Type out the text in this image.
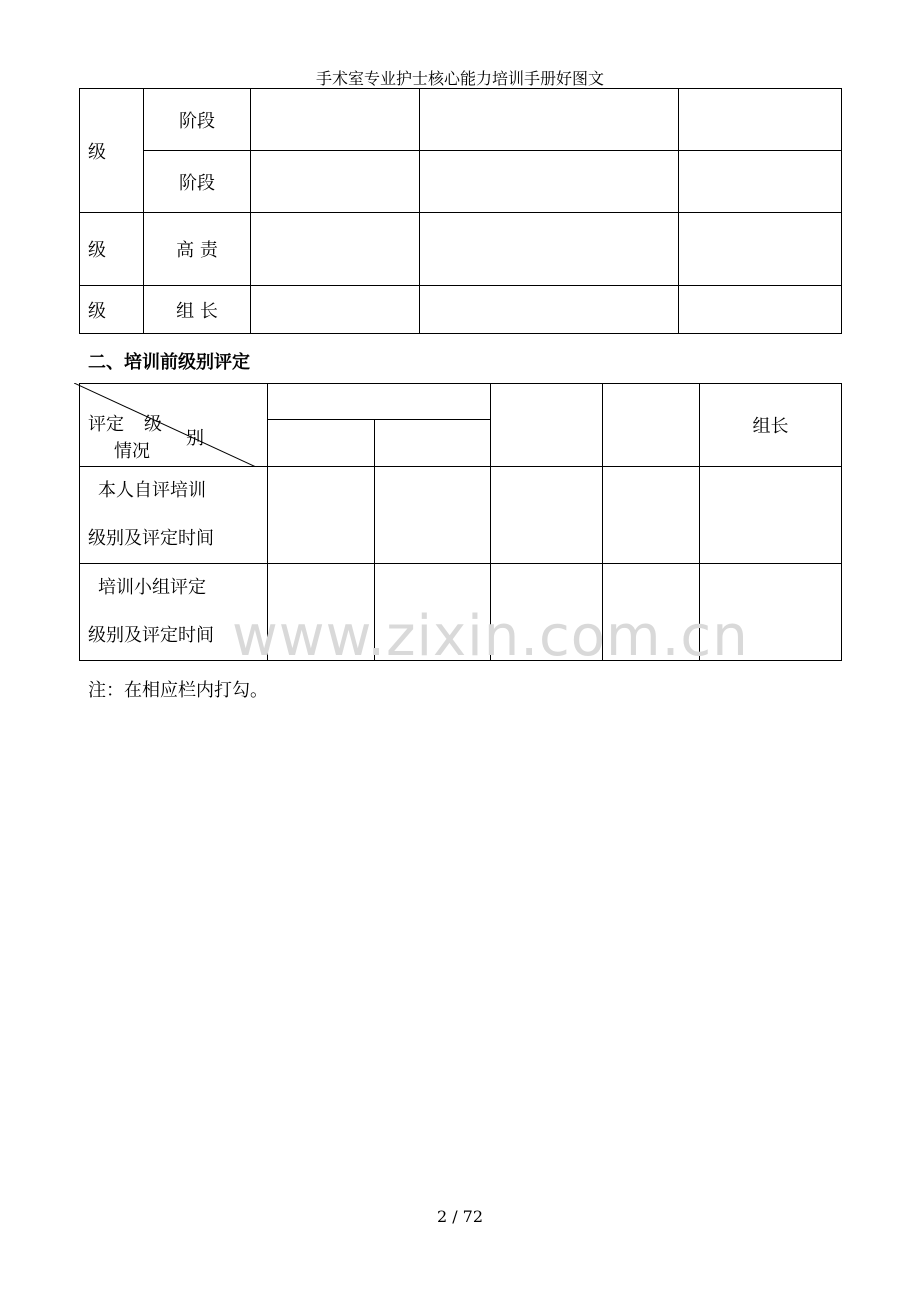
手术室专业护士核心能力培训手册好图文
级	阶段			
	阶段			
级	高 责			
级	组 长			
二、培训前级别评定
评定 级
别
情况					组长

本人自评培训
级别及评定时间					

培训小组评定
级别及评定时间					
					www.zixin.com.cn
注：在相应栏内打勾。
2 / 72
